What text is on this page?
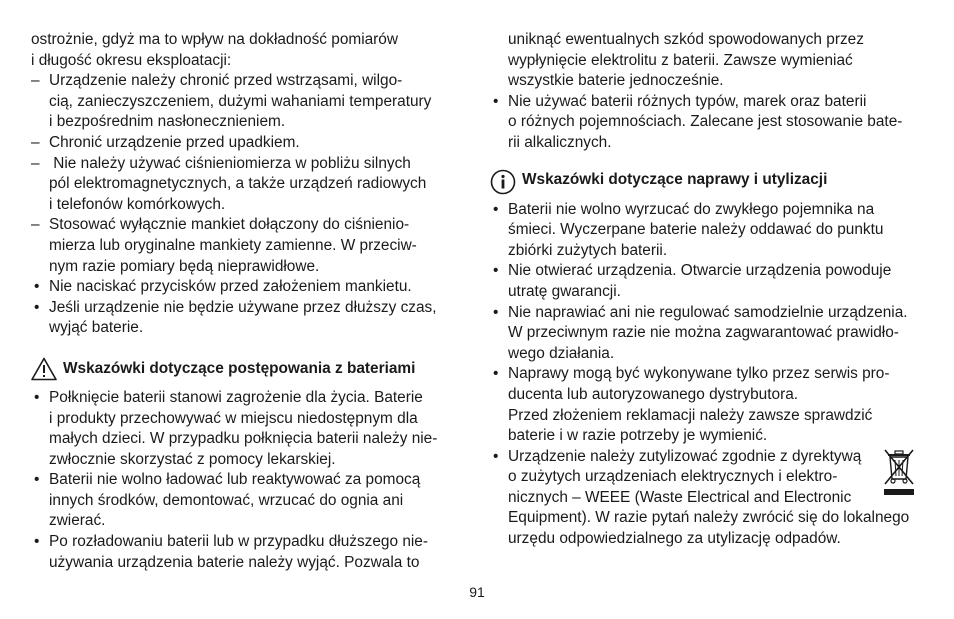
ostrożnie, gdyż ma to wpływ na dokładność pomiarów
i długość okresu eksploatacji:
– Urządzenie należy chronić przed wstrząsami, wilgo-
cią, zanieczyszczeniem, dużymi wahaniami temperatury
i bezpośrednim nasłonecznieniem.
– Chronić urządzenie przed upadkiem.
– Nie należy używać ciśnieniomierza w pobliżu silnych
pól elektromagnetycznych, a także urządzeń radiowych
i telefonów komórkowych.
– Stosować wyłącznie mankiet dołączony do ciśnienio-
mierza lub oryginalne mankiety zamienne. W przeciw-
nym razie pomiary będą nieprawidłowe.
• Nie naciskać przycisków przed założeniem mankietu.
• Jeśli urządzenie nie będzie używane przez dłuższy czas,
wyjąć baterie.
Wskazówki dotyczące postępowania z bateriami
• Połknięcie baterii stanowi zagrożenie dla życia. Baterie
i produkty przechowywać w miejscu niedostępnym dla
małych dzieci. W przypadku połknięcia baterii należy nie-
zwłocznie skorzystać z pomocy lekarskiej.
• Baterii nie wolno ładować lub reaktywować za pomocą
innych środków, demontować, wrzucać do ognia ani
zwierać.
• Po rozładowaniu baterii lub w przypadku dłuższego nie-
używania urządzenia baterie należy wyjąć. Pozwala to
uniknąć ewentualnych szkód spowodowanych przez
wypłynięcie elektrolitu z baterii. Zawsze wymieniać
wszystkie baterie jednocześnie.
• Nie używać baterii różnych typów, marek oraz baterii
o różnych pojemnościach. Zalecane jest stosowanie bate-
rii alkalicznych.
Wskazówki dotyczące naprawy i utylizacji
• Baterii nie wolno wyrzucać do zwykłego pojemnika na
śmieci. Wyczerpane baterie należy oddawać do punktu
zbiórki zużytych baterii.
• Nie otwierać urządzenia. Otwarcie urządzenia powoduje
utratę gwarancji.
• Nie naprawiać ani nie regulować samodzielnie urządzenia.
W przeciwnym razie nie można zagwarantować prawidło-
wego działania.
• Naprawy mogą być wykonywane tylko przez serwis pro-
ducenta lub autoryzowanego dystrybutora.
Przed złożeniem reklamacji należy zawsze sprawdzić
baterie i w razie potrzeby je wymienić.
• Urządzenie należy zutylizować zgodnie z dyrektywą
o zużytych urządzeniach elektrycznych i elektro-
nicznych – WEEE (Waste Electrical and Electronic
Equipment). W razie pytań należy zwrócić się do lokalnego
urzędu odpowiedzialnego za utylizację odpadów.
91
